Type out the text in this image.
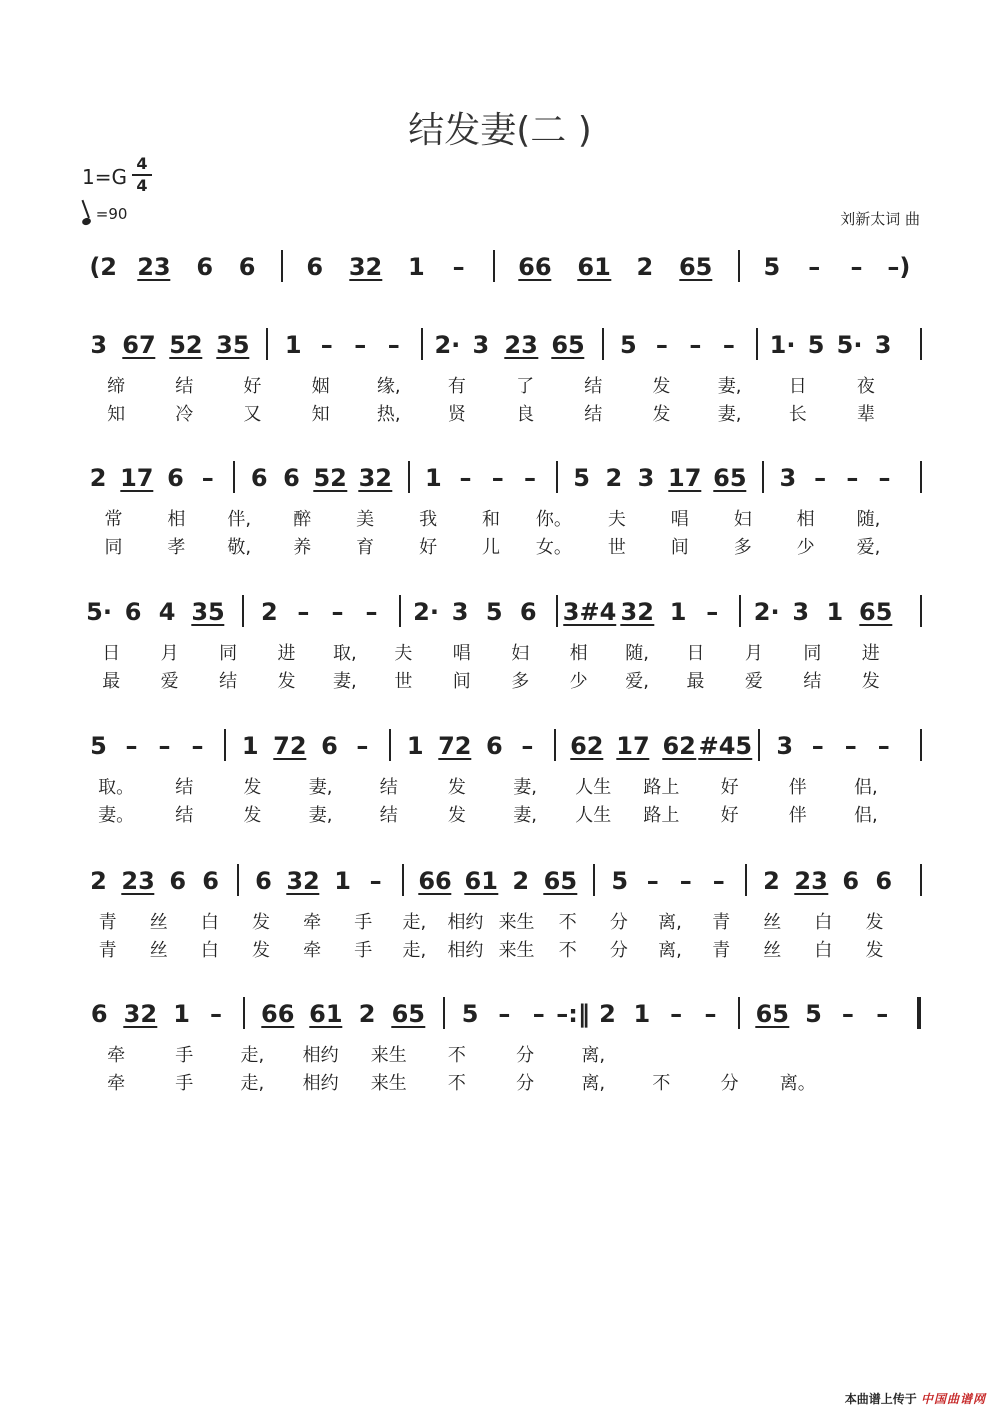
结发妻(二 )
1=G
4
4
=90	刘新太词 曲
(2 23 6 6 6 32 1 – 66 61 2 65 5 – – –)
3 67 52 35 1 – – – 2· 3 23 65 5 – – – 1· 5 5· 3
缔	结	好	姻	缘,	有	了	结	发	妻,	日	夜
知	冷	又	知	热,	贤	良	结	发	妻,	长	辈
2 17 6 – 6 6 52 32 1 – – – 5 2 3 17 65 3 – – –
常 相 伴, 醉 美 我 和 你。 夫 唱 妇 相 随,
同 孝 敬, 养 育 好 儿 女。 世 间 多 少 爱,
5· 6 4 35 2 – – – 2· 3 5 6 3#4 32 1 – 2· 3 1 65
日 月 同 进 取, 夫 唱 妇 相 随, 日 月 同 进
最 爱 结 发 妻, 世 间 多 少 爱, 最 爱 结 发
5 – – – 1 72 6 – 1 72 6 – 62 17 62 #45 3 – – –
取。 结	发	妻,	结	发	妻, 人生 路上 好	伴	侣,
妻。 结	发	妻,	结	发	妻, 人生 路上 好	伴	侣,
2 23 6 6 6 32 1 – 66 61 2 65 5 – – – 2 23 6 6
青 丝 白 发 牵 手 走, 相约 来生 不 分 离, 青 丝 白 发
青 丝 白 发 牵 手 走, 相约 来生 不 分 离, 青 丝 白 发
6 32 1 – 66 61 2 65 5 – – –:‖ 2 1 – – 65 5 – –
牵	手	走, 相约 来生 不	分	离,
牵	手	走, 相约 来生 不	分	离,	不	分 离。
本曲谱上传于 中国曲谱网
